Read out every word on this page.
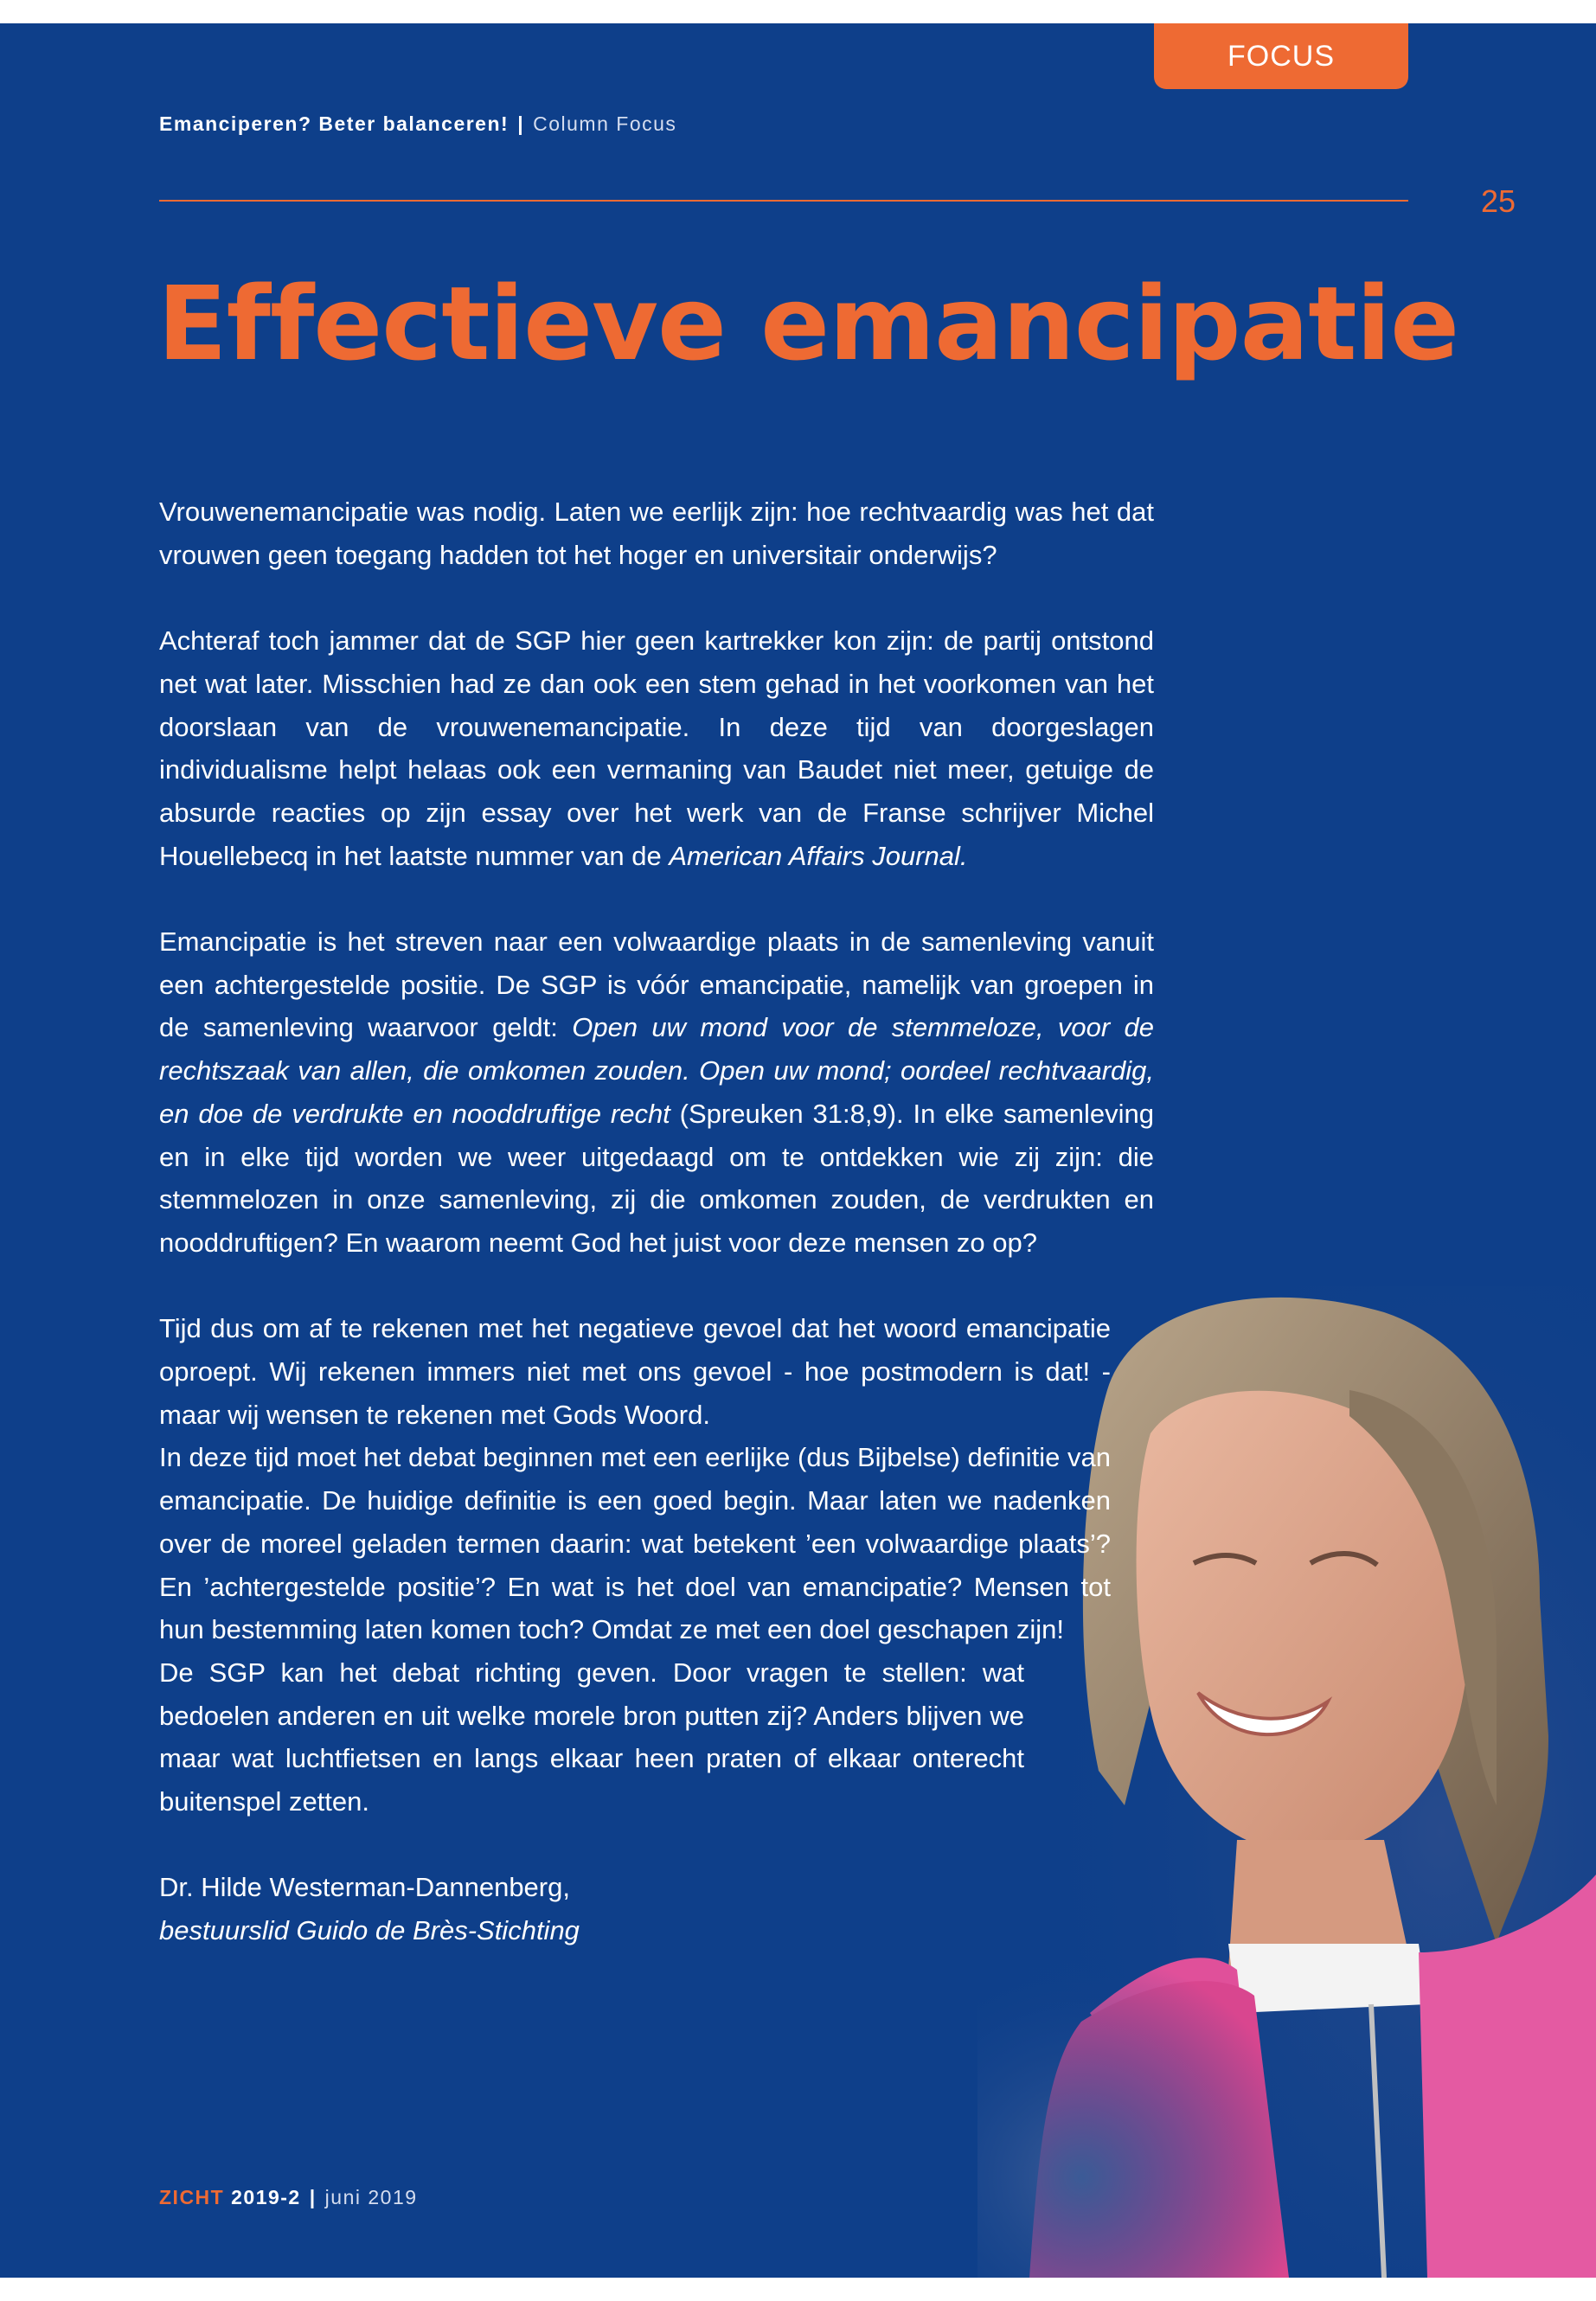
FOCUS
Emanciperen? Beter balanceren! | Column Focus
25
Effectieve emancipatie

Vrouwenemancipatie was nodig. Laten we eerlijk zijn: hoe rechtvaardig was het dat vrouwen geen toegang hadden tot het hoger en universitair onderwijs?

Achteraf toch jammer dat de SGP hier geen kartrekker kon zijn: de partij ontstond net wat later. Misschien had ze dan ook een stem gehad in het voorkomen van het doorslaan van de vrouwenemancipatie. In deze tijd van doorgeslagen individualisme helpt helaas ook een vermaning van Baudet niet meer, getuige de absurde reacties op zijn essay over het werk van de Franse schrijver Michel Houellebecq in het laatste nummer van de American Affairs Journal.

Emancipatie is het streven naar een volwaardige plaats in de samenleving vanuit een achtergestelde positie. De SGP is vóór emancipatie, namelijk van groepen in de samenleving waarvoor geldt: Open uw mond voor de stemmeloze, voor de rechtszaak van allen, die omkomen zouden. Open uw mond; oordeel rechtvaardig, en doe de verdrukte en nooddruftige recht (Spreuken 31:8,9). In elke samenleving en in elke tijd worden we weer uitgedaagd om te ontdekken wie zij zijn: die stemmelozen in onze samenleving, zij die omkomen zouden, de verdrukten en nooddruftigen? En waarom neemt God het juist voor deze mensen zo op?

Tijd dus om af te rekenen met het negatieve gevoel dat het woord emancipatie oproept. Wij rekenen immers niet met ons gevoel - hoe postmodern is dat! - maar wij wensen te rekenen met Gods Woord.

In deze tijd moet het debat beginnen met een eerlijke (dus Bijbelse) definitie van emancipatie. De huidige definitie is een goed begin. Maar laten we nadenken over de moreel geladen termen daarin: wat betekent ’een volwaardige plaats’? En ’achtergestelde positie’? En wat is het doel van emancipatie? Mensen tot hun bestemming laten komen toch? Omdat ze met een doel geschapen zijn!

De SGP kan het debat richting geven. Door vragen te stellen: wat bedoelen anderen en uit welke morele bron putten zij? Anders blijven we maar wat luchtfietsen en langs elkaar heen praten of elkaar onterecht buitenspel zetten.

Dr. Hilde Westerman-Dannenberg,
bestuurslid Guido de Brès-Stichting
ZICHT 2019-2 | juni 2019
